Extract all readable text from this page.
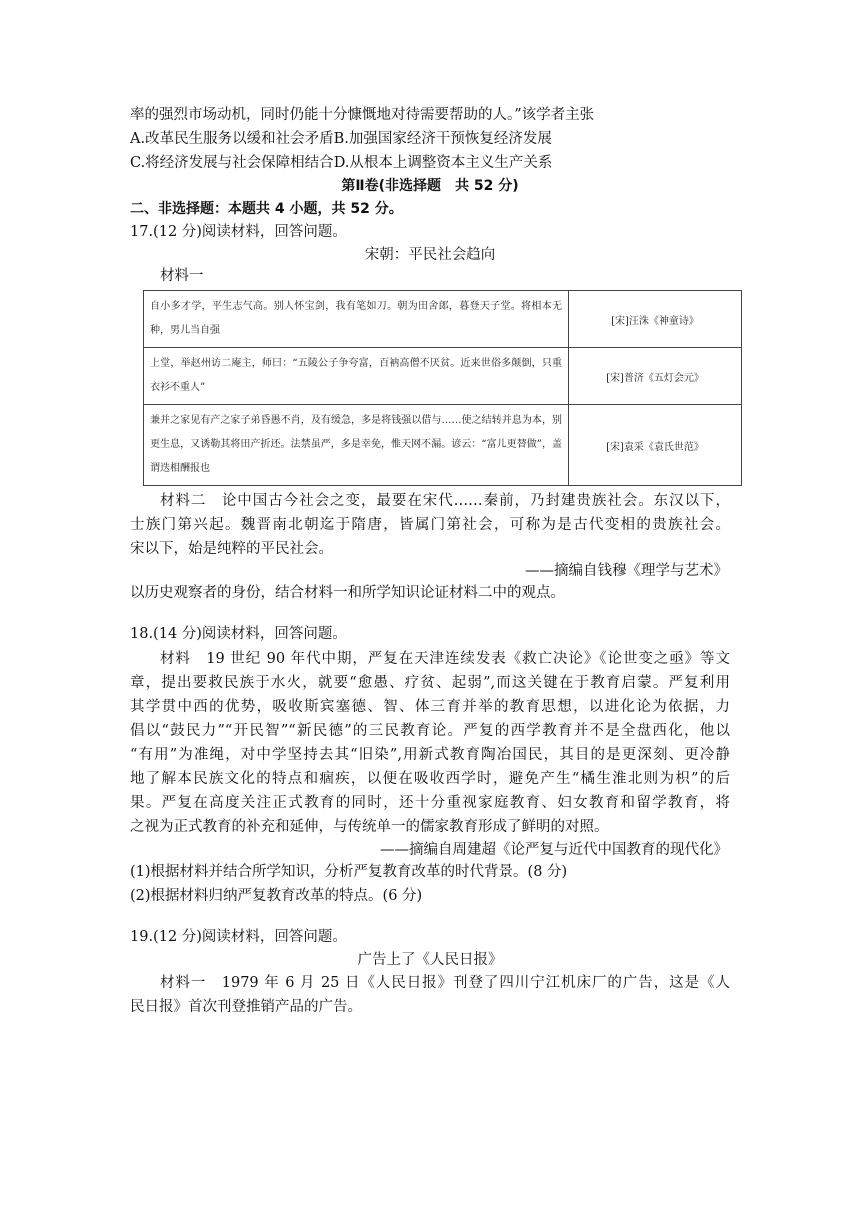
率的强烈市场动机，同时仍能十分慷慨地对待需要帮助的人。”该学者主张
A.改革民生服务以缓和社会矛盾B.加强国家经济干预恢复经济发展
C.将经济发展与社会保障相结合D.从根本上调整资本主义生产关系
第Ⅱ卷(非选择题　共 52 分)
二、非选择题：本题共 4 小题，共 52 分。
17.(12 分)阅读材料，回答问题。
宋朝：平民社会趋向
材料一
自小多才学，平生志气高。别人怀宝剑，我有笔如刀。朝为田舍郎，暮登天子堂。将相本无种，男儿当自强	[宋]汪洙《神童诗》
上堂，举赵州访二庵主，师曰：“五陵公子争夸富，百衲高僧不厌贫。近来世俗多颠倒，只重衣衫不重人”	[宋]普济《五灯会元》
兼并之家见有产之家子弟昏愚不肖，及有缓急，多是将钱强以借与……使之结转并息为本，别更生息，又诱勒其将田产折还。法禁虽严，多是幸免，惟天网不漏。谚云：“富儿更替做”，盖谓迭相酬报也	[宋]袁采《袁氏世范》
材料二　论中国古今社会之变，最要在宋代……秦前，乃封建贵族社会。东汉以下，
士族门第兴起。魏晋南北朝迄于隋唐，皆属门第社会，可称为是古代变相的贵族社会。
宋以下，始是纯粹的平民社会。
——摘编自钱穆《理学与艺术》
以历史观察者的身份，结合材料一和所学知识论证材料二中的观点。
18.(14 分)阅读材料，回答问题。
材料　19 世纪 90 年代中期，严复在天津连续发表《救亡决论》《论世变之亟》等文
章，提出要救民族于水火，就要“愈愚、疗贫、起弱”,而这关键在于教育启蒙。严复利用
其学贯中西的优势，吸收斯宾塞德、智、体三育并举的教育思想，以进化论为依据，力
倡以“鼓民力”“开民智”“新民德”的三民教育论。严复的西学教育并不是全盘西化，他以
“有用”为准绳，对中学坚持去其“旧染”,用新式教育陶冶国民，其目的是更深刻、更冷静
地了解本民族文化的特点和痼疾，以便在吸收西学时，避免产生“橘生淮北则为枳”的后
果。严复在高度关注正式教育的同时，还十分重视家庭教育、妇女教育和留学教育，将
之视为正式教育的补充和延伸，与传统单一的儒家教育形成了鲜明的对照。
——摘编自周建超《论严复与近代中国教育的现代化》
(1)根据材料并结合所学知识，分析严复教育改革的时代背景。(8 分)
(2)根据材料归纳严复教育改革的特点。(6 分)
19.(12 分)阅读材料，回答问题。
广告上了《人民日报》
材料一　1979 年 6 月 25 日《人民日报》刊登了四川宁江机床厂的广告，这是《人
民日报》首次刊登推销产品的广告。
